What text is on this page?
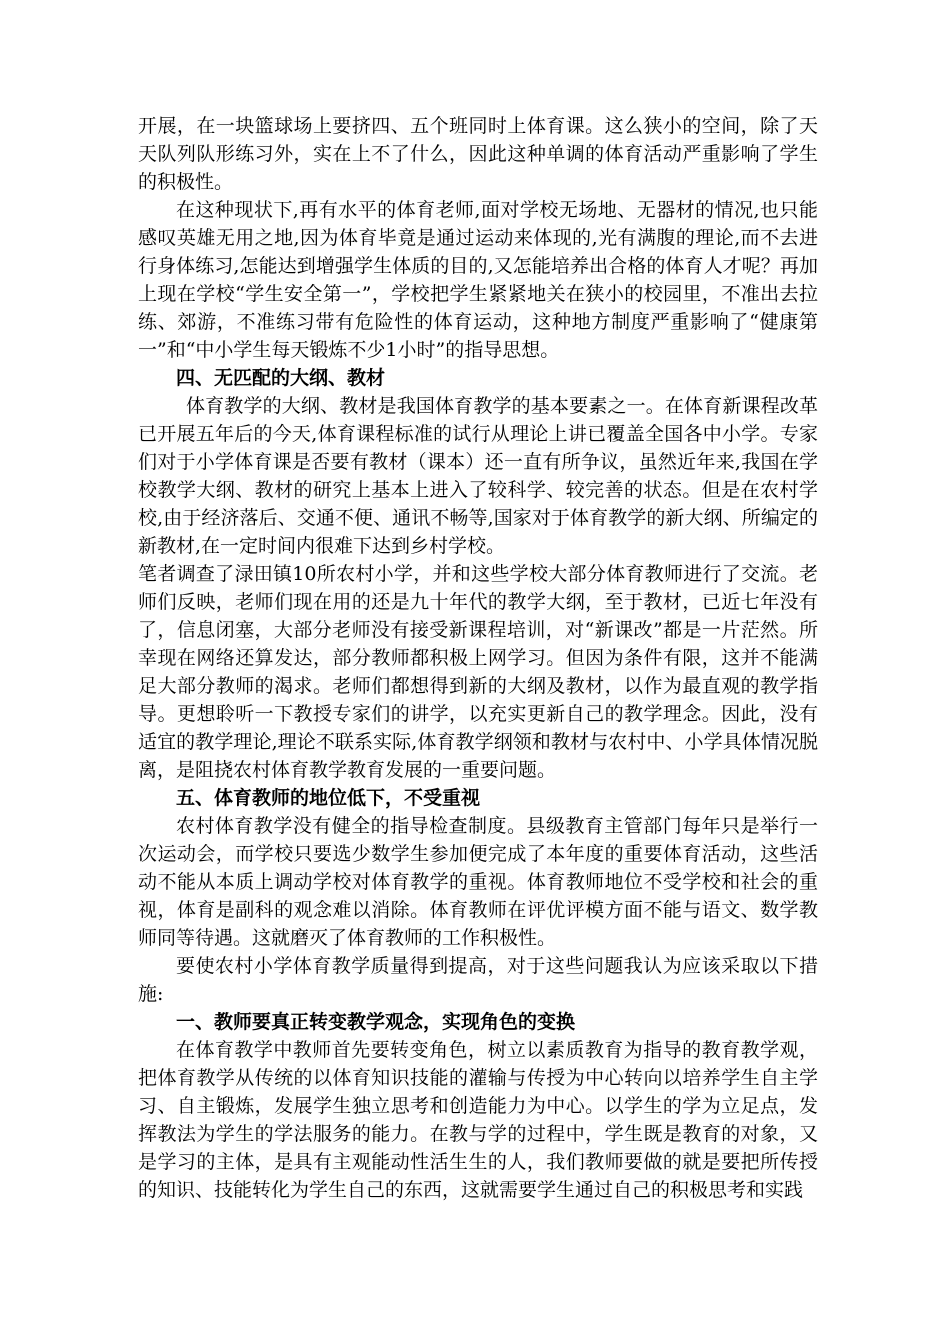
开展，在一块篮球场上要挤四、五个班同时上体育课。这么狭小的空间，除了天天队列队形练习外，实在上不了什么，因此这种单调的体育活动严重影响了学生的积极性。

在这种现状下,再有水平的体育老师,面对学校无场地、无器材的情况,也只能感叹英雄无用之地,因为体育毕竟是通过运动来体现的,光有满腹的理论,而不去进行身体练习,怎能达到增强学生体质的目的,又怎能培养出合格的体育人才呢？再加上现在学校“学生安全第一”，学校把学生紧紧地关在狭小的校园里，不准出去拉练、郊游，不准练习带有危险性的体育运动，这种地方制度严重影响了“健康第一”和“中小学生每天锻炼不少1小时”的指导思想。

四、无匹配的大纲、教材

体育教学的大纲、教材是我国体育教学的基本要素之一。在体育新课程改革已开展五年后的今天,体育课程标准的试行从理论上讲已覆盖全国各中小学。专家们对于小学体育课是否要有教材（课本）还一直有所争议，虽然近年来,我国在学校教学大纲、教材的研究上基本上进入了较科学、较完善的状态。但是在农村学校,由于经济落后、交通不便、通讯不畅等,国家对于体育教学的新大纲、所编定的新教材,在一定时间内很难下达到乡村学校。

笔者调查了渌田镇10所农村小学，并和这些学校大部分体育教师进行了交流。老师们反映，老师们现在用的还是九十年代的教学大纲，至于教材，已近七年没有了，信息闭塞，大部分老师没有接受新课程培训，对“新课改”都是一片茫然。所幸现在网络还算发达，部分教师都积极上网学习。但因为条件有限，这并不能满足大部分教师的渴求。老师们都想得到新的大纲及教材，以作为最直观的教学指导。更想聆听一下教授专家们的讲学，以充实更新自己的教学理念。因此，没有适宜的教学理论,理论不联系实际,体育教学纲领和教材与农村中、小学具体情况脱离，是阻挠农村体育教学教育发展的一重要问题。

五、体育教师的地位低下，不受重视

农村体育教学没有健全的指导检查制度。县级教育主管部门每年只是举行一次运动会，而学校只要选少数学生参加便完成了本年度的重要体育活动，这些活动不能从本质上调动学校对体育教学的重视。体育教师地位不受学校和社会的重视，体育是副科的观念难以消除。体育教师在评优评模方面不能与语文、数学教师同等待遇。这就磨灭了体育教师的工作积极性。

要使农村小学体育教学质量得到提高，对于这些问题我认为应该采取以下措施:

一、教师要真正转变教学观念，实现角色的变换

在体育教学中教师首先要转变角色，树立以素质教育为指导的教育教学观，把体育教学从传统的以体育知识技能的灌输与传授为中心转向以培养学生自主学习、自主锻炼，发展学生独立思考和创造能力为中心。以学生的学为立足点，发挥教法为学生的学法服务的能力。在教与学的过程中，学生既是教育的对象，又是学习的主体，是具有主观能动性活生生的人，我们教师要做的就是要把所传授的知识、技能转化为学生自己的东西，这就需要学生通过自己的积极思考和实践
